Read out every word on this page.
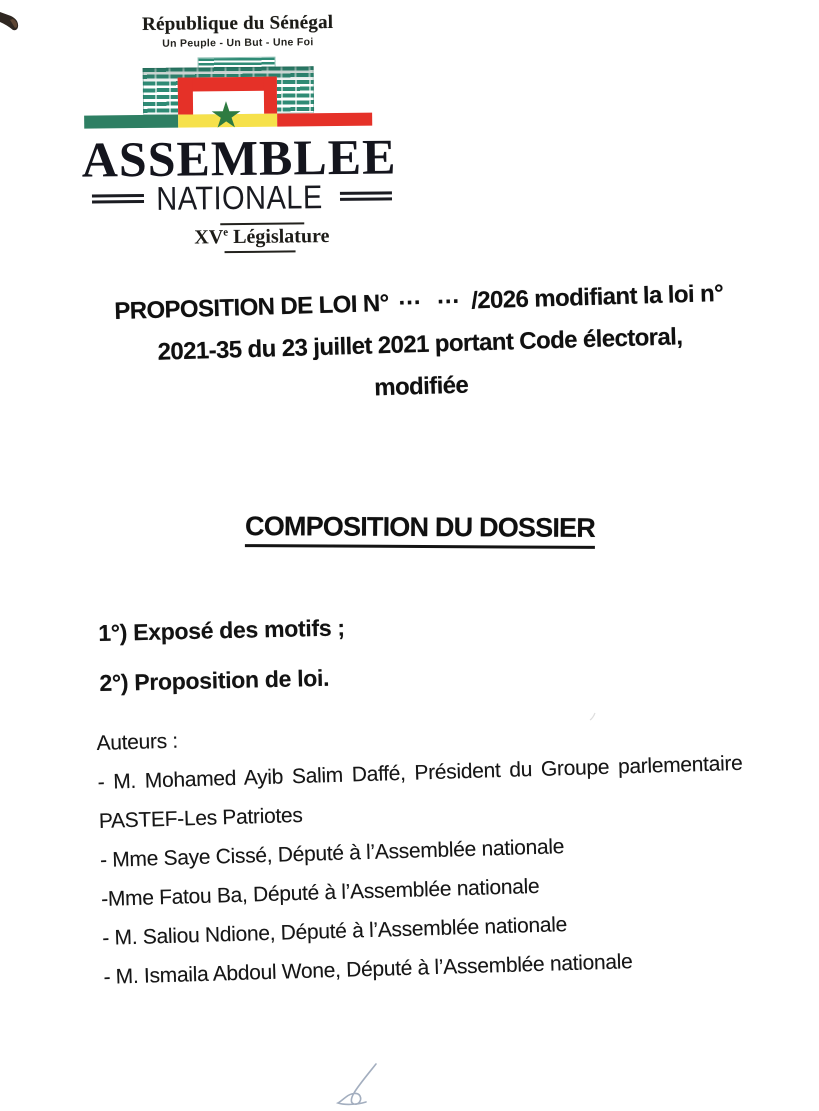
République du Sénégal
Un Peuple - Un But - Une Foi
ASSEMBLEE
NATIONALE
XVe Législature
PROPOSITION DE LOI N° … … /2026 modifiant la loi n°
2021-35 du 23 juillet 2021 portant Code électoral,
modifiée
COMPOSITION DU DOSSIER
1°) Exposé des motifs ;
2°) Proposition de loi.
Auteurs :
- M. Mohamed Ayib Salim Daffé, Président du Groupe parlementaire PASTEF-Les Patriotes
- Mme Saye Cissé, Député à l’Assemblée nationale
-Mme Fatou Ba, Député à l’Assemblée nationale
- M. Saliou Ndione, Député à l’Assemblée nationale
- M. Ismaila Abdoul Wone, Député à l’Assemblée nationale
